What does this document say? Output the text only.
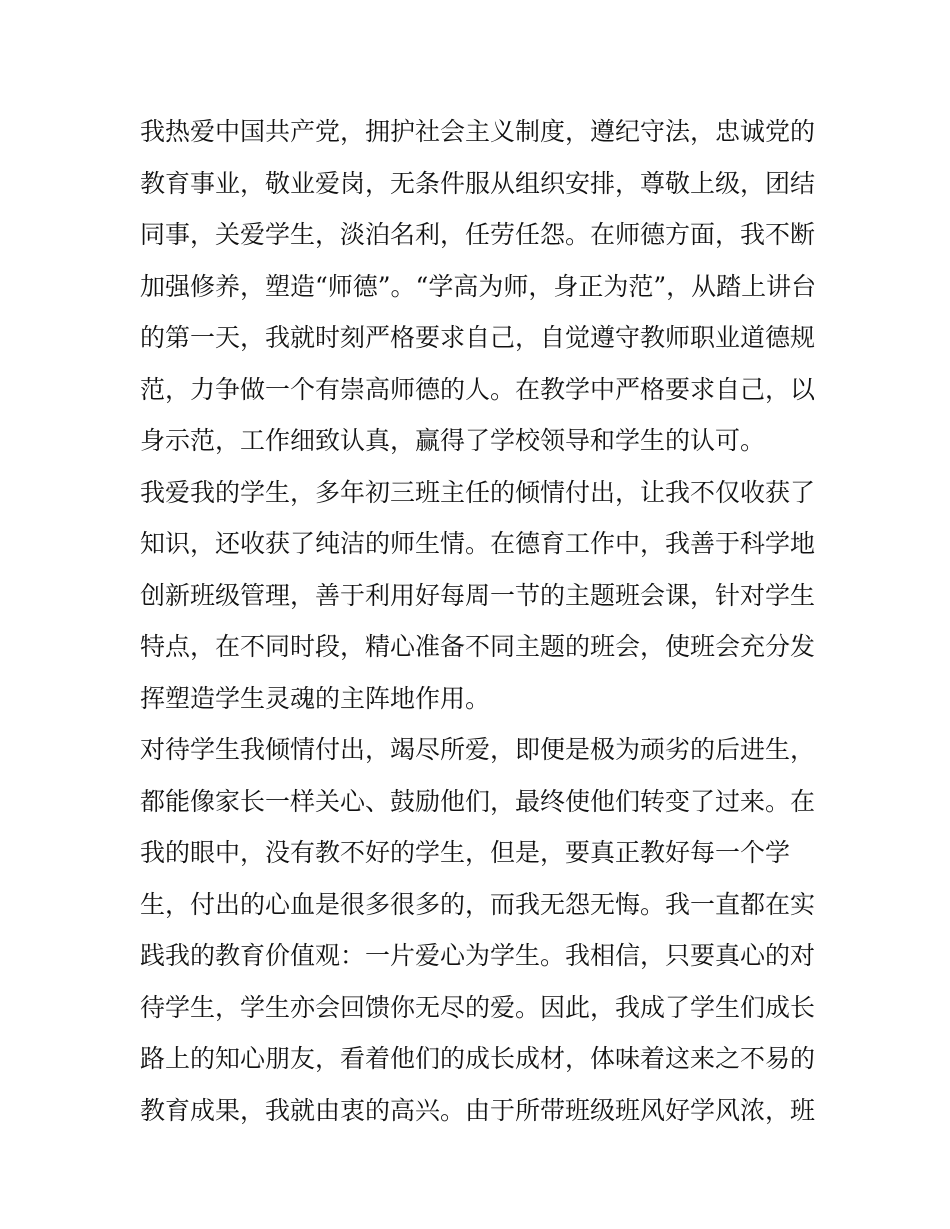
我热爱中国共产党，拥护社会主义制度，遵纪守法，忠诚党的
教育事业，敬业爱岗，无条件服从组织安排，尊敬上级，团结
同事，关爱学生，淡泊名利，任劳任怨。在师德方面，我不断
加强修养，塑造“师德”。“学高为师，身正为范”，从踏上讲台
的第一天，我就时刻严格要求自己，自觉遵守教师职业道德规
范，力争做一个有崇高师德的人。在教学中严格要求自己，以
身示范，工作细致认真，赢得了学校领导和学生的认可。
我爱我的学生，多年初三班主任的倾情付出，让我不仅收获了
知识，还收获了纯洁的师生情。在德育工作中，我善于科学地
创新班级管理，善于利用好每周一节的主题班会课，针对学生
特点，在不同时段，精心准备不同主题的班会，使班会充分发
挥塑造学生灵魂的主阵地作用。
对待学生我倾情付出，竭尽所爱，即便是极为顽劣的后进生，
都能像家长一样关心、鼓励他们，最终使他们转变了过来。在
我的眼中，没有教不好的学生，但是，要真正教好每一个学
生，付出的心血是很多很多的，而我无怨无悔。我一直都在实
践我的教育价值观：一片爱心为学生。我相信，只要真心的对
待学生，学生亦会回馈你无尽的爱。因此，我成了学生们成长
路上的知心朋友，看着他们的成长成材，体味着这来之不易的
教育成果，我就由衷的高兴。由于所带班级班风好学风浓，班
